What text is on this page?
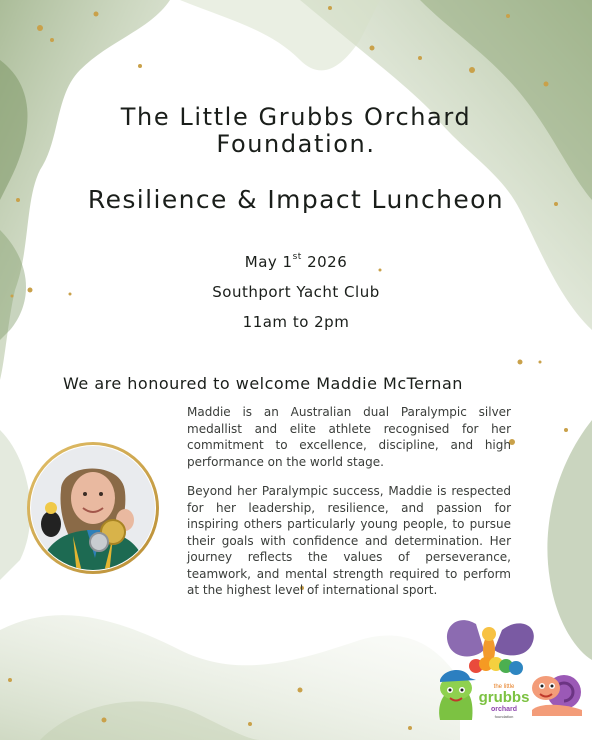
The Little Grubbs Orchard
Foundation.
Resilience & Impact Luncheon
May 1st 2026
Southport Yacht Club
11am to 2pm
We are honoured to welcome Maddie McTernan

Maddie is an Australian dual Paralympic silver medallist and elite athlete recognised for her commitment to excellence, discipline, and high performance on the world stage.

Beyond her Paralympic success, Maddie is respected for her leadership, resilience, and passion for inspiring others particularly young people, to pursue their goals with confidence and determination. Her journey reflects the values of perseverance, teamwork, and mental strength required to perform at the highest level of international sport.

the little
grubbs
orchard
foundation
